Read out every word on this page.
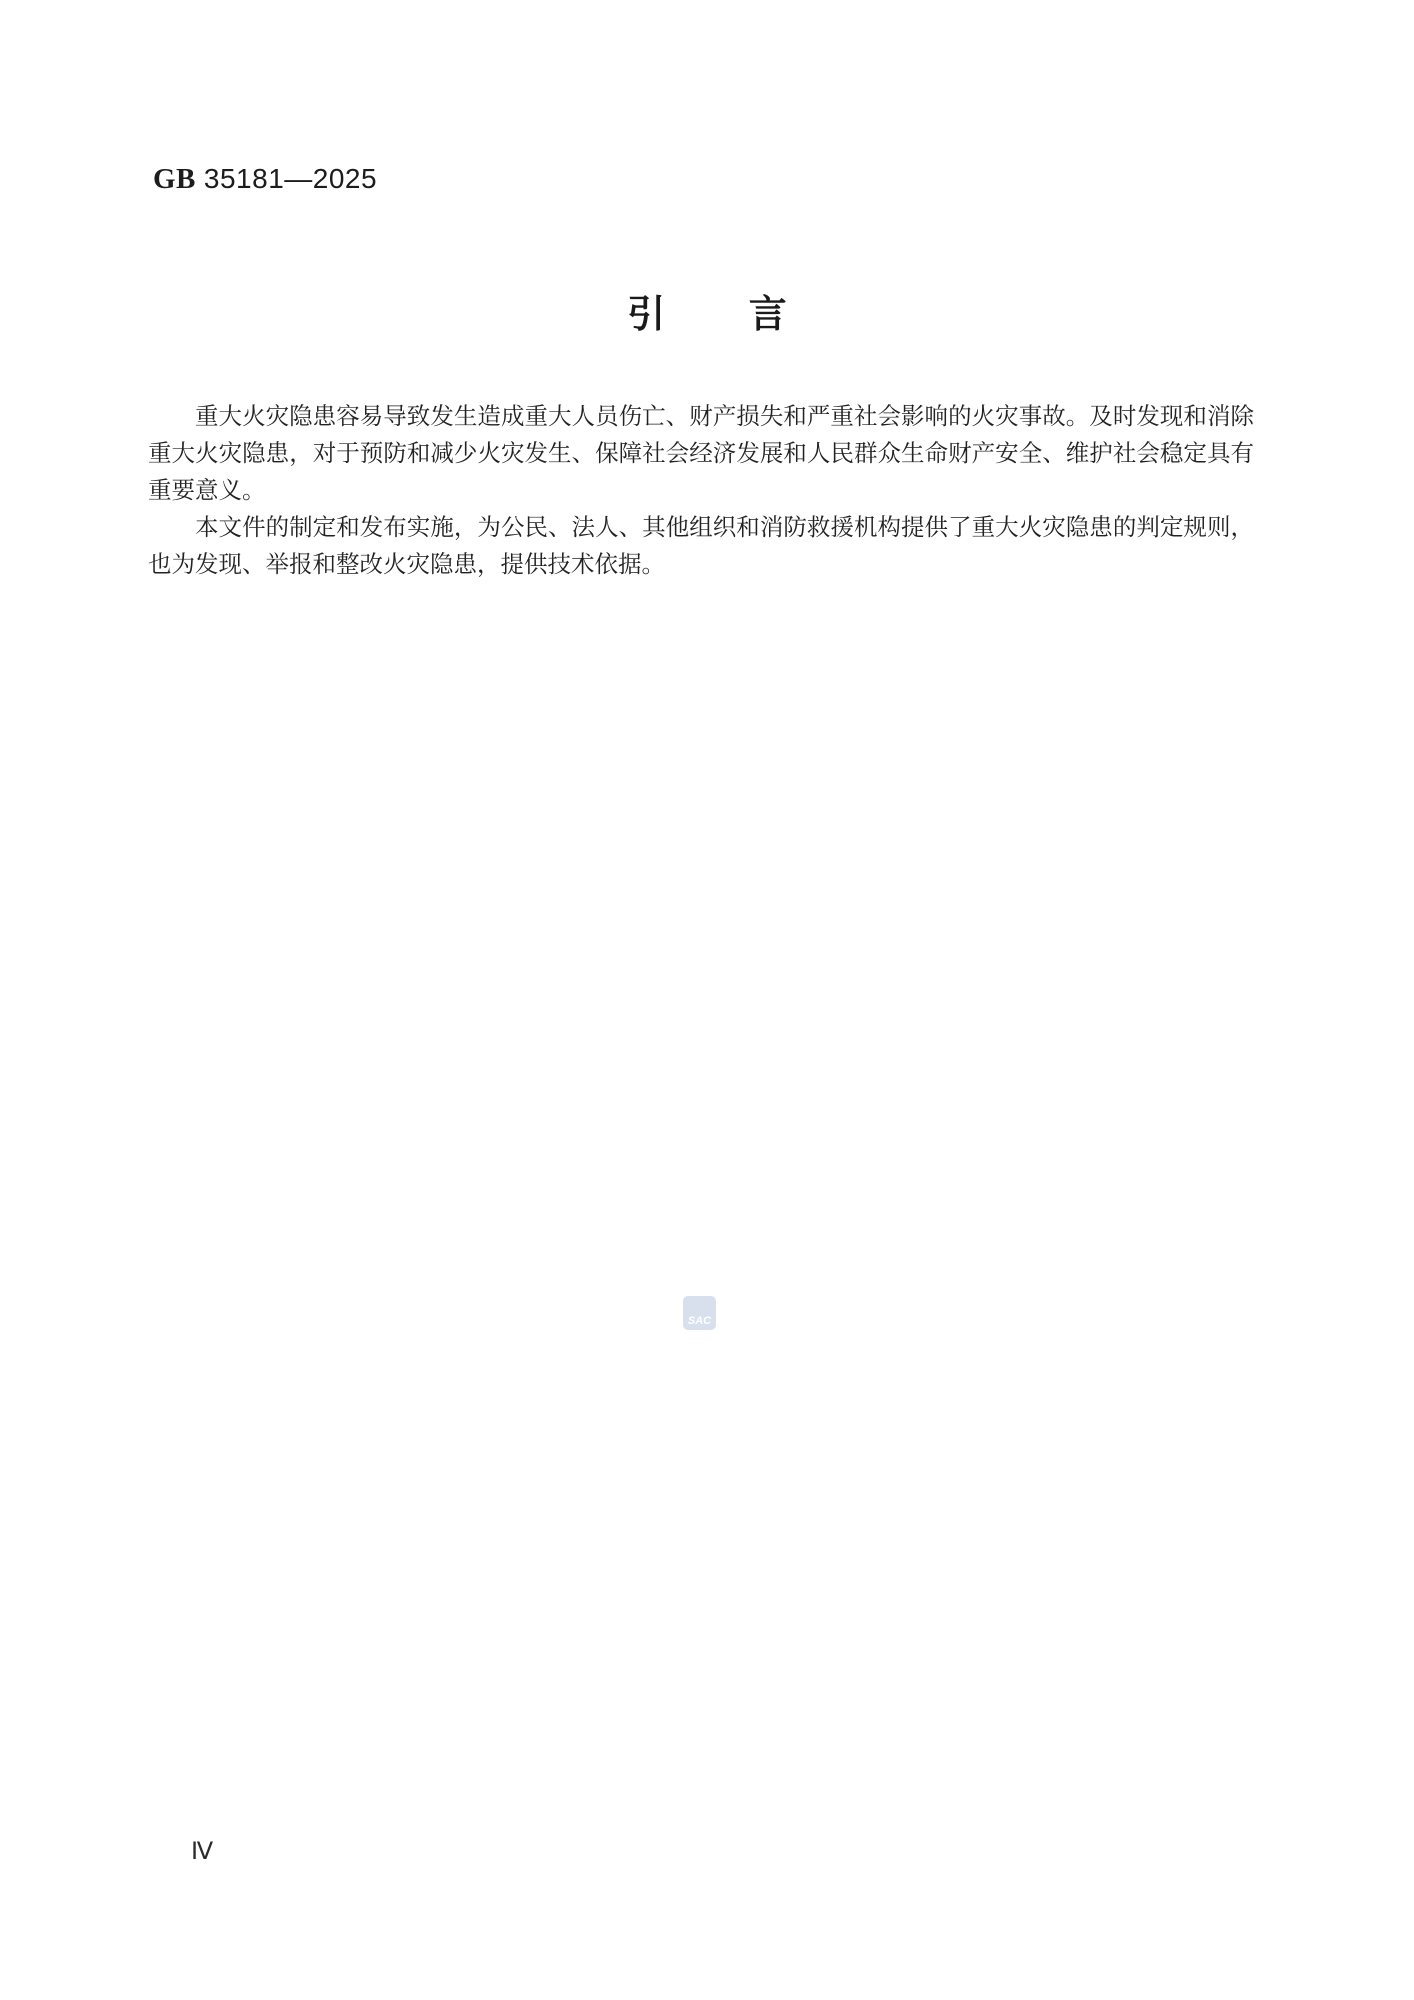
GB 35181—2025
引言

重大火灾隐患容易导致发生造成重大人员伤亡、财产损失和严重社会影响的火灾事故。及时发现和消除重大火灾隐患，对于预防和减少火灾发生、保障社会经济发展和人民群众生命财产安全、维护社会稳定具有重要意义。

本文件的制定和发布实施，为公民、法人、其他组织和消防救援机构提供了重大火灾隐患的判定规则，也为发现、举报和整改火灾隐患，提供技术依据。

SAC
Ⅳ
